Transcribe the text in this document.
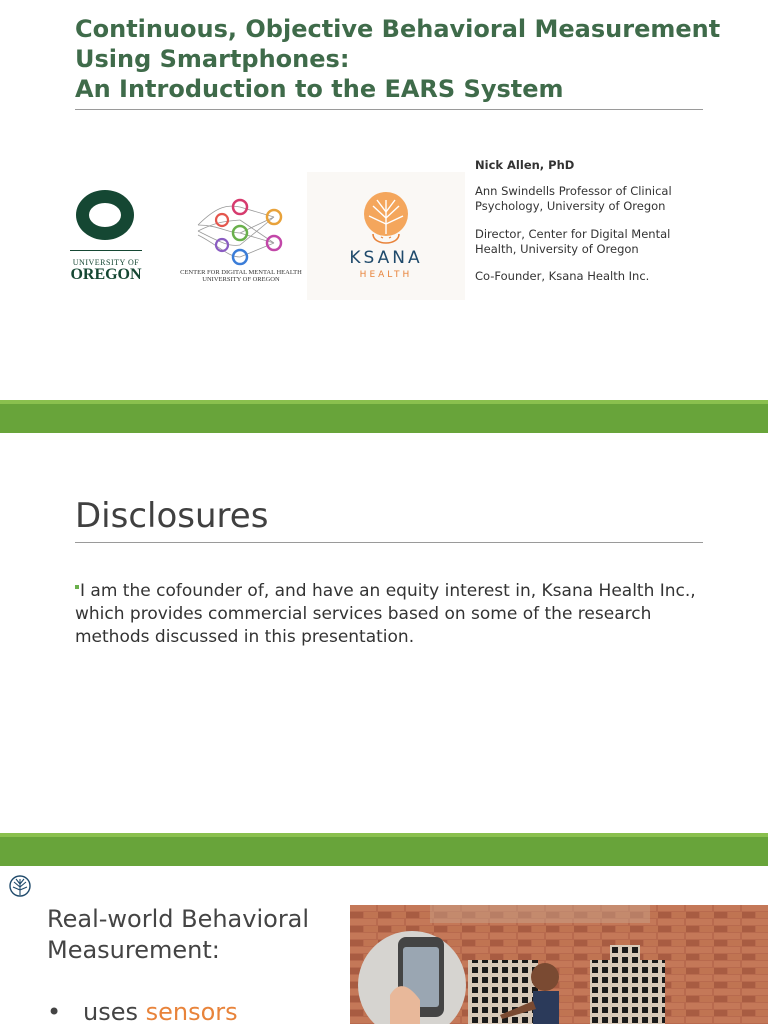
Continuous, Objective Behavioral Measurement
Using Smartphones:
An Introduction to the EARS System
UNIVERSITY OF
OREGON	CENTER FOR DIGITAL MENTAL HEALTH
UNIVERSITY OF OREGON
KSANA
HEALTH
Nick Allen, PhD
Ann Swindells Professor of Clinical Psychology, University of Oregon
Director, Center for Digital Mental Health, University of Oregon
Co-Founder, Ksana Health Inc.
Disclosures
I am the cofounder of, and have an equity interest in, Ksana Health Inc., which provides commercial services based on some of the research methods discussed in this presentation.
Real-world Behavioral Measurement:
• uses sensors
